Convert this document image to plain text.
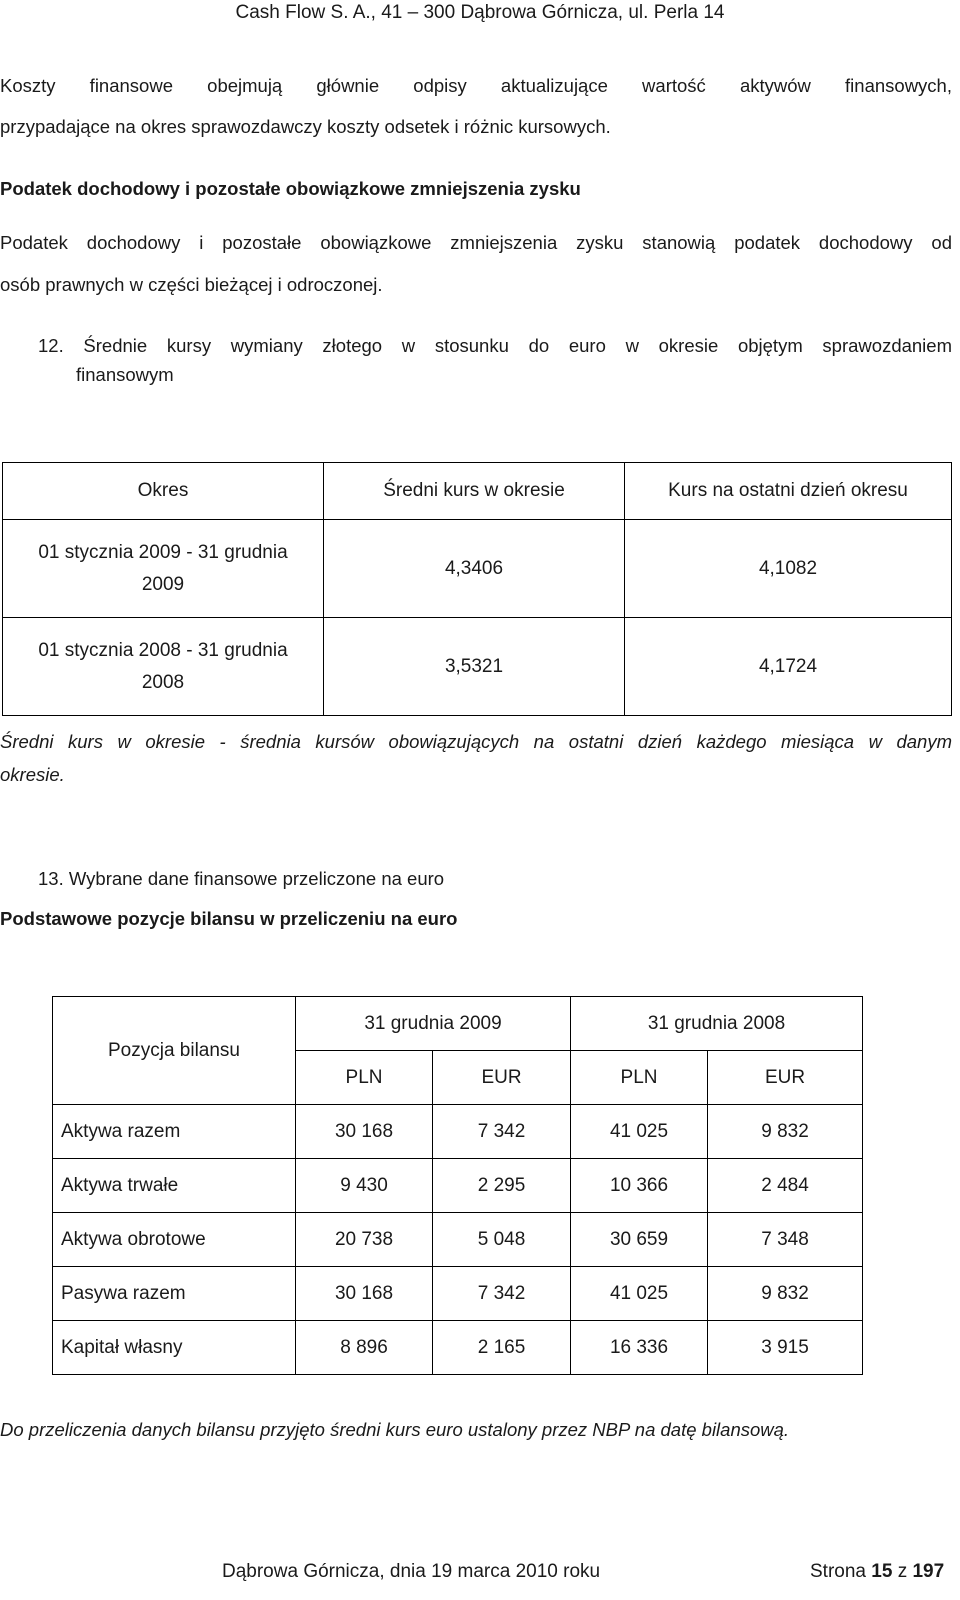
Cash Flow S. A., 41 – 300 Dąbrowa Górnicza, ul. Perla 14
Koszty finansowe obejmują głównie odpisy aktualizujące wartość aktywów finansowych,
przypadające na okres sprawozdawczy koszty odsetek i różnic kursowych.
Podatek dochodowy i pozostałe obowiązkowe zmniejszenia zysku
Podatek dochodowy i pozostałe obowiązkowe zmniejszenia zysku stanowią podatek dochodowy od
osób prawnych w części bieżącej i odroczonej.
12. Średnie kursy wymiany złotego w stosunku do euro w okresie objętym sprawozdaniem
finansowym
Okres	Średni kurs w okresie	Kurs na ostatni dzień okresu

01 stycznia 2009 - 31 grudnia
2009	4,3406	4,1082

01 stycznia 2008 - 31 grudnia
2008	3,5321	4,1724
Średni kurs w okresie - średnia kursów obowiązujących na ostatni dzień każdego miesiąca w danym
okresie.
13. Wybrane dane finansowe przeliczone na euro
Podstawowe pozycje bilansu w przeliczeniu na euro
Pozycja bilansu	31 grudnia 2009		31 grudnia 2008	
	PLN	EUR	PLN	EUR
Aktywa razem	30 168	7 342	41 025	9 832
Aktywa trwałe	9 430	2 295	10 366	2 484
Aktywa obrotowe	20 738	5 048	30 659	7 348
Pasywa razem	30 168	7 342	41 025	9 832
Kapitał własny	8 896	2 165	16 336	3 915
Do przeliczenia danych bilansu przyjęto średni kurs euro ustalony przez NBP na datę bilansową.
Dąbrowa Górnicza, dnia 19 marca 2010 roku	Strona 15 z 197
